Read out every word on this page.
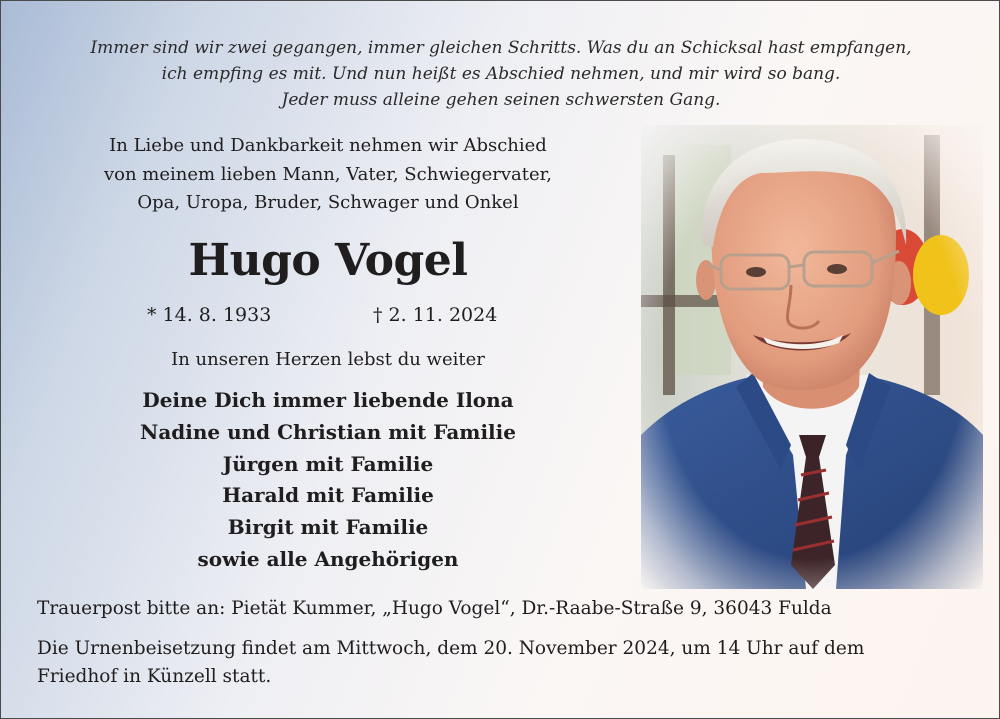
Immer sind wir zwei gegangen, immer gleichen Schritts. Was du an Schicksal hast empfangen,
ich empfing es mit. Und nun heißt es Abschied nehmen, und mir wird so bang.
Jeder muss alleine gehen seinen schwersten Gang.
In Liebe und Dankbarkeit nehmen wir Abschied
von meinem lieben Mann, Vater, Schwiegervater,
Opa, Uropa, Bruder, Schwager und Onkel
Hugo Vogel
* 14. 8. 1933	† 2. 11. 2024
In unseren Herzen lebst du weiter
Deine Dich immer liebende Ilona
Nadine und Christian mit Familie
Jürgen mit Familie
Harald mit Familie
Birgit mit Familie
sowie alle Angehörigen
Trauerpost bitte an: Pietät Kummer, „Hugo Vogel“, Dr.-Raabe-Straße 9, 36043 Fulda
Die Urnenbeisetzung findet am Mittwoch, dem 20. November 2024, um 14 Uhr auf dem
Friedhof in Künzell statt.
